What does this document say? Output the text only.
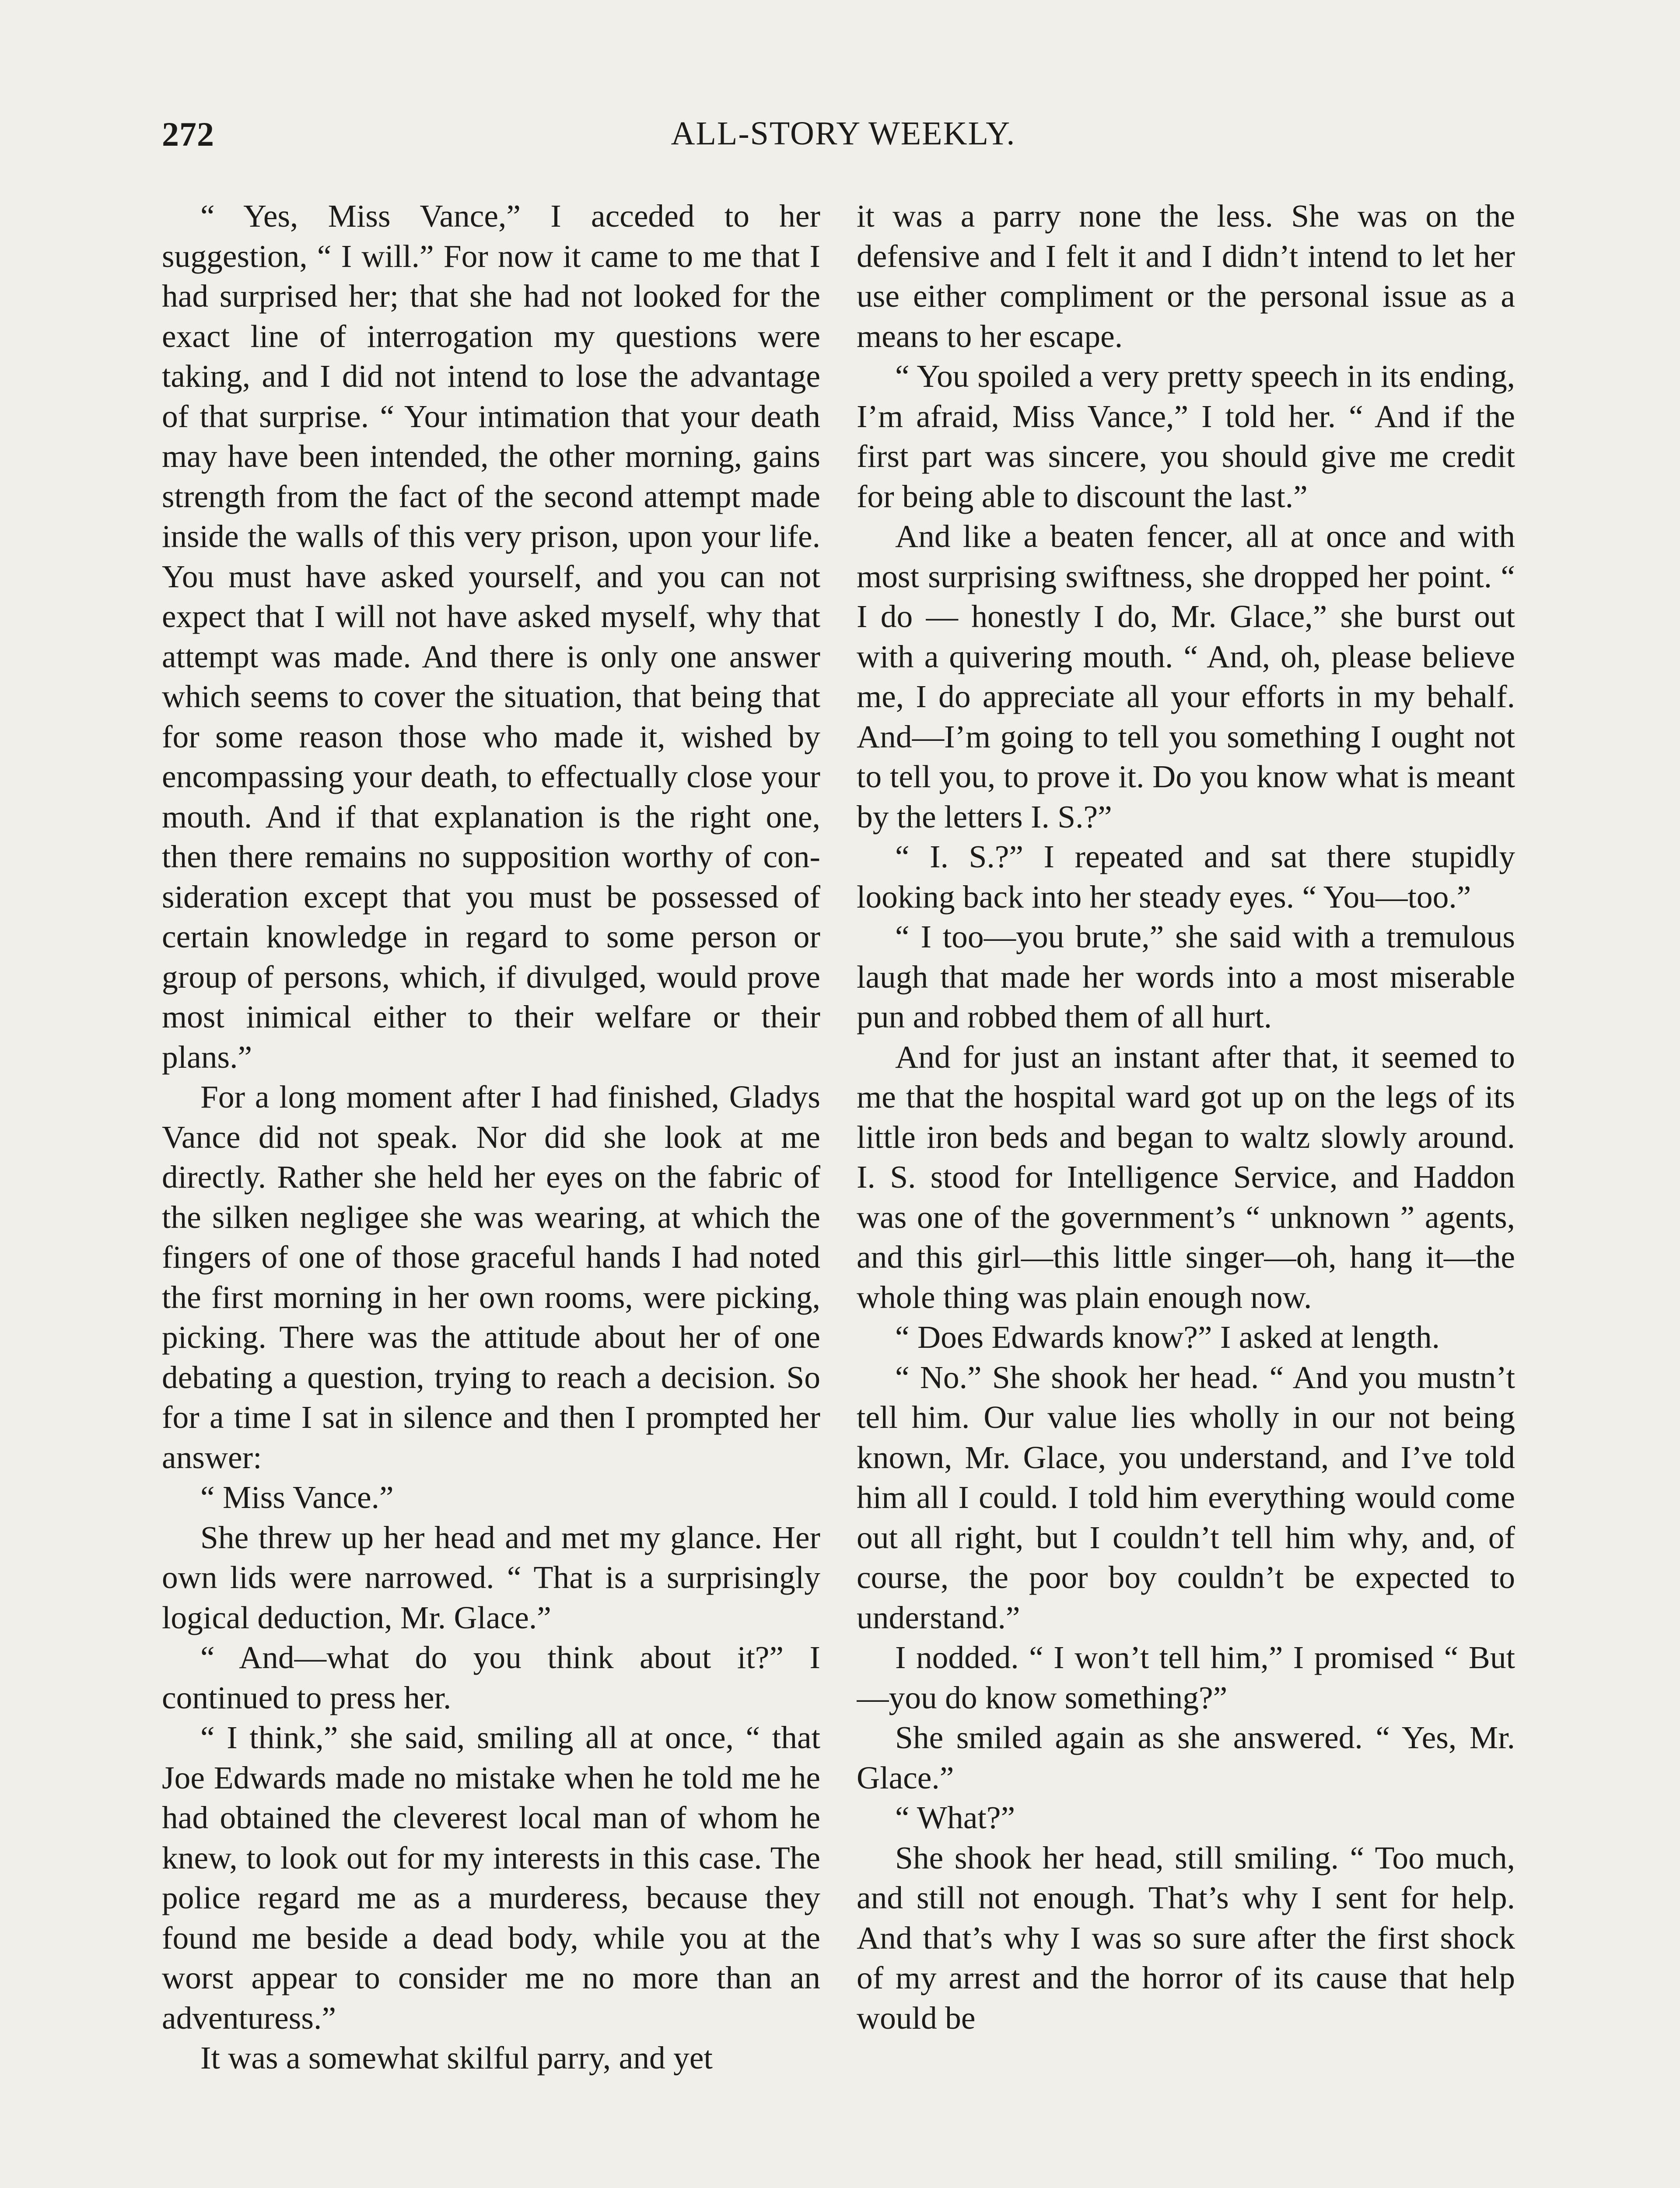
272	ALL-STORY WEEKLY.

“ Yes, Miss Vance,” I acceded to her suggestion, “ I will.” For now it came to me that I had surprised her; that she had not looked for the exact line of interrogation my questions were taking, and I did not intend to lose the advantage of that surprise. “ Your intimation that your death may have been intended, the other morning, gains strength from the fact of the second attempt made inside the walls of this very prison, upon your life. You must have asked yourself, and you can not expect that I will not have asked myself, why that attempt was made. And there is only one answer which seems to cover the situation, that being that for some reason those who made it, wished by encompassing your death, to effectually close your mouth. And if that explanation is the right one, then there remains no supposition worthy of consideration except that you must be possessed of certain knowledge in regard to some person or group of persons, which, if divulged, would prove most inimical either to their welfare or their plans.”

For a long moment after I had finished, Gladys Vance did not speak. Nor did she look at me directly. Rather she held her eyes on the fabric of the silken negligee she was wearing, at which the fingers of one of those graceful hands I had noted the first morning in her own rooms, were picking, picking. There was the attitude about her of one debating a question, trying to reach a decision. So for a time I sat in silence and then I prompted her answer:

“ Miss Vance.”

She threw up her head and met my glance. Her own lids were narrowed. “ That is a surprisingly logical deduction, Mr. Glace.”

“ And—what do you think about it?” I continued to press her.

“ I think,” she said, smiling all at once, “ that Joe Edwards made no mistake when he told me he had obtained the cleverest local man of whom he knew, to look out for my interests in this case. The police regard me as a murderess, because they found me beside a dead body, while you at the worst appear to consider me no more than an adventuress.”

It was a somewhat skilful parry, and yet

it was a parry none the less. She was on the defensive and I felt it and I didn’t intend to let her use either compliment or the personal issue as a means to her escape.

“ You spoiled a very pretty speech in its ending, I’m afraid, Miss Vance,” I told her. “ And if the first part was sincere, you should give me credit for being able to discount the last.”

And like a beaten fencer, all at once and with most surprising swiftness, she dropped her point. “ I do — honestly I do, Mr. Glace,” she burst out with a quivering mouth. “ And, oh, please believe me, I do appreciate all your efforts in my behalf. And—I’m going to tell you something I ought not to tell you, to prove it. Do you know what is meant by the letters I. S.?”

“ I. S.?” I repeated and sat there stupidly looking back into her steady eyes. “ You—too.”

“ I too—you brute,” she said with a tremulous laugh that made her words into a most miserable pun and robbed them of all hurt.

And for just an instant after that, it seemed to me that the hospital ward got up on the legs of its little iron beds and began to waltz slowly around. I. S. stood for Intelligence Service, and Haddon was one of the government’s “ unknown ” agents, and this girl—this little singer—oh, hang it—the whole thing was plain enough now.

“ Does Edwards know?” I asked at length.

“ No.” She shook her head. “ And you mustn’t tell him. Our value lies wholly in our not being known, Mr. Glace, you understand, and I’ve told him all I could. I told him everything would come out all right, but I couldn’t tell him why, and, of course, the poor boy couldn’t be expected to understand.”

I nodded. “ I won’t tell him,” I promised “ But—you do know something?”

She smiled again as she answered. “ Yes, Mr. Glace.”

“ What?”

She shook her head, still smiling. “ Too much, and still not enough. That’s why I sent for help. And that’s why I was so sure after the first shock of my arrest and the horror of its cause that help would be
